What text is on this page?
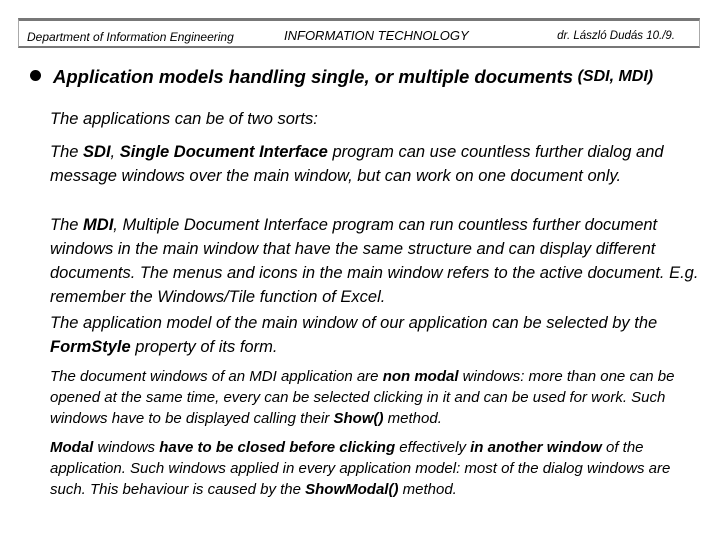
Department of Information Engineering	INFORMATION TECHNOLOGY	dr. László Dudás 10./9.
Application models handling single, or multiple documents (SDI, MDI)

The applications can be of two sorts:

The SDI, Single Document Interface program can use countless further dialog and message windows over the main window, but can work on one document only.

The MDI, Multiple Document Interface program can run countless further document windows in the main window that have the same structure and can display different documents. The menus and icons in the main window refers to the active document. E.g. remember the Windows/Tile function of Excel.

The application model of the main window of our application can be selected by the FormStyle property of its form.

The document windows of an MDI application are non modal windows: more than one can be opened at the same time, every can be selected clicking in it and can be used for work. Such windows have to be displayed calling their Show() method.

Modal windows have to be closed before clicking effectively in another window of the application. Such windows applied in every application model: most of the dialog windows are such. This behaviour is caused by the ShowModal() method.
